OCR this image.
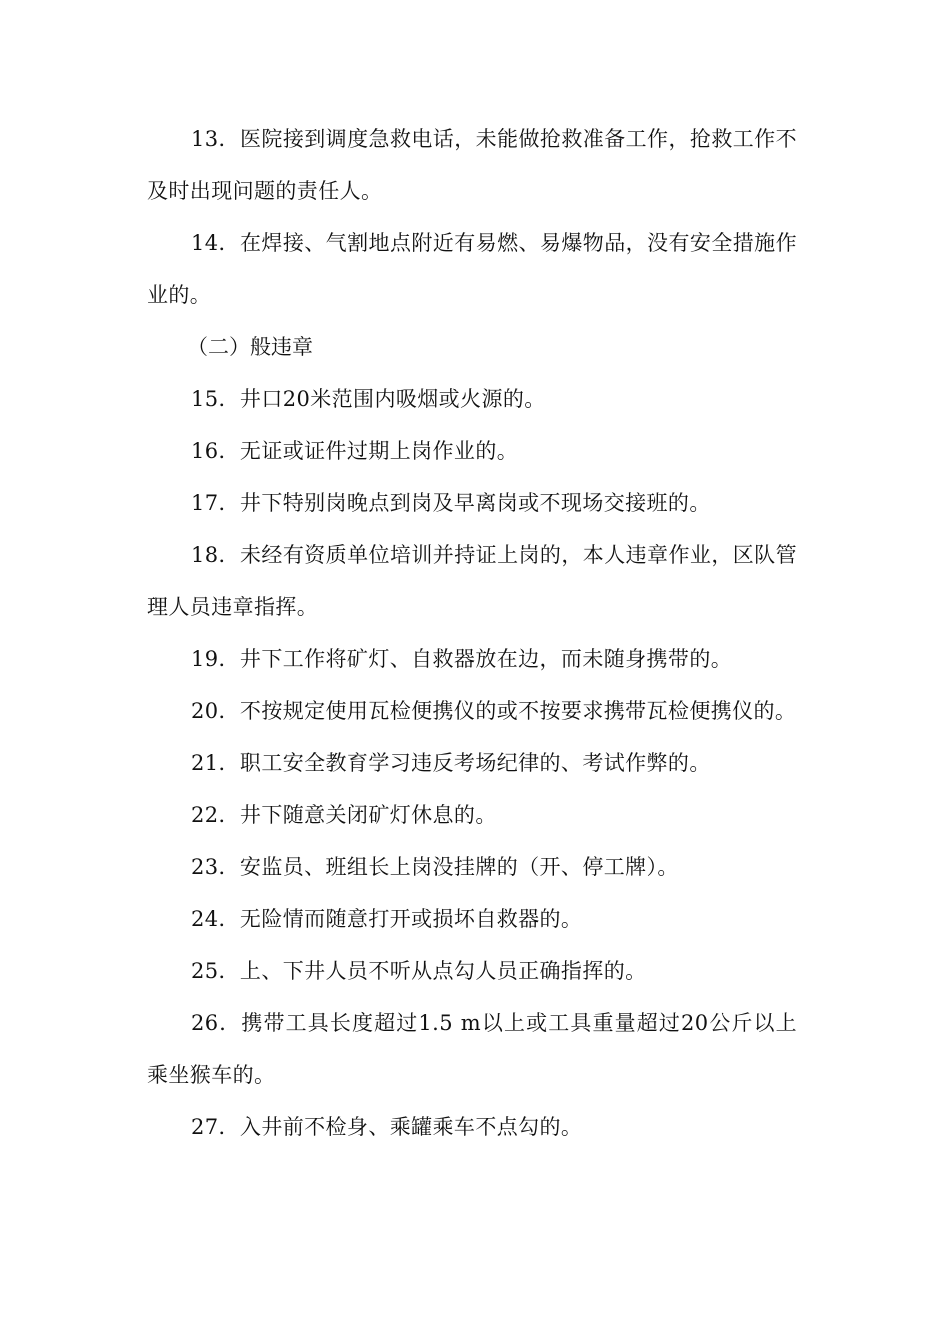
13．医院接到调度急救电话，未能做抢救准备工作，抢救工作不及时出现问题的责任人。

14．在焊接、气割地点附近有易燃、易爆物品，没有安全措施作业的。

（二）般违章

15．井口20米范围内吸烟或火源的。

16．无证或证件过期上岗作业的。

17．井下特别岗晚点到岗及早离岗或不现场交接班的。

18．未经有资质单位培训并持证上岗的，本人违章作业，区队管理人员违章指挥。

19．井下工作将矿灯、自救器放在边，而未随身携带的。

20．不按规定使用瓦检便携仪的或不按要求携带瓦检便携仪的。

21．职工安全教育学习违反考场纪律的、考试作弊的。

22．井下随意关闭矿灯休息的。

23．安监员、班组长上岗没挂牌的（开、停工牌）。

24．无险情而随意打开或损坏自救器的。

25．上、下井人员不听从点勾人员正确指挥的。

26．携带工具长度超过1.5 m以上或工具重量超过20公斤以上乘坐猴车的。

27．入井前不检身、乘罐乘车不点勾的。
